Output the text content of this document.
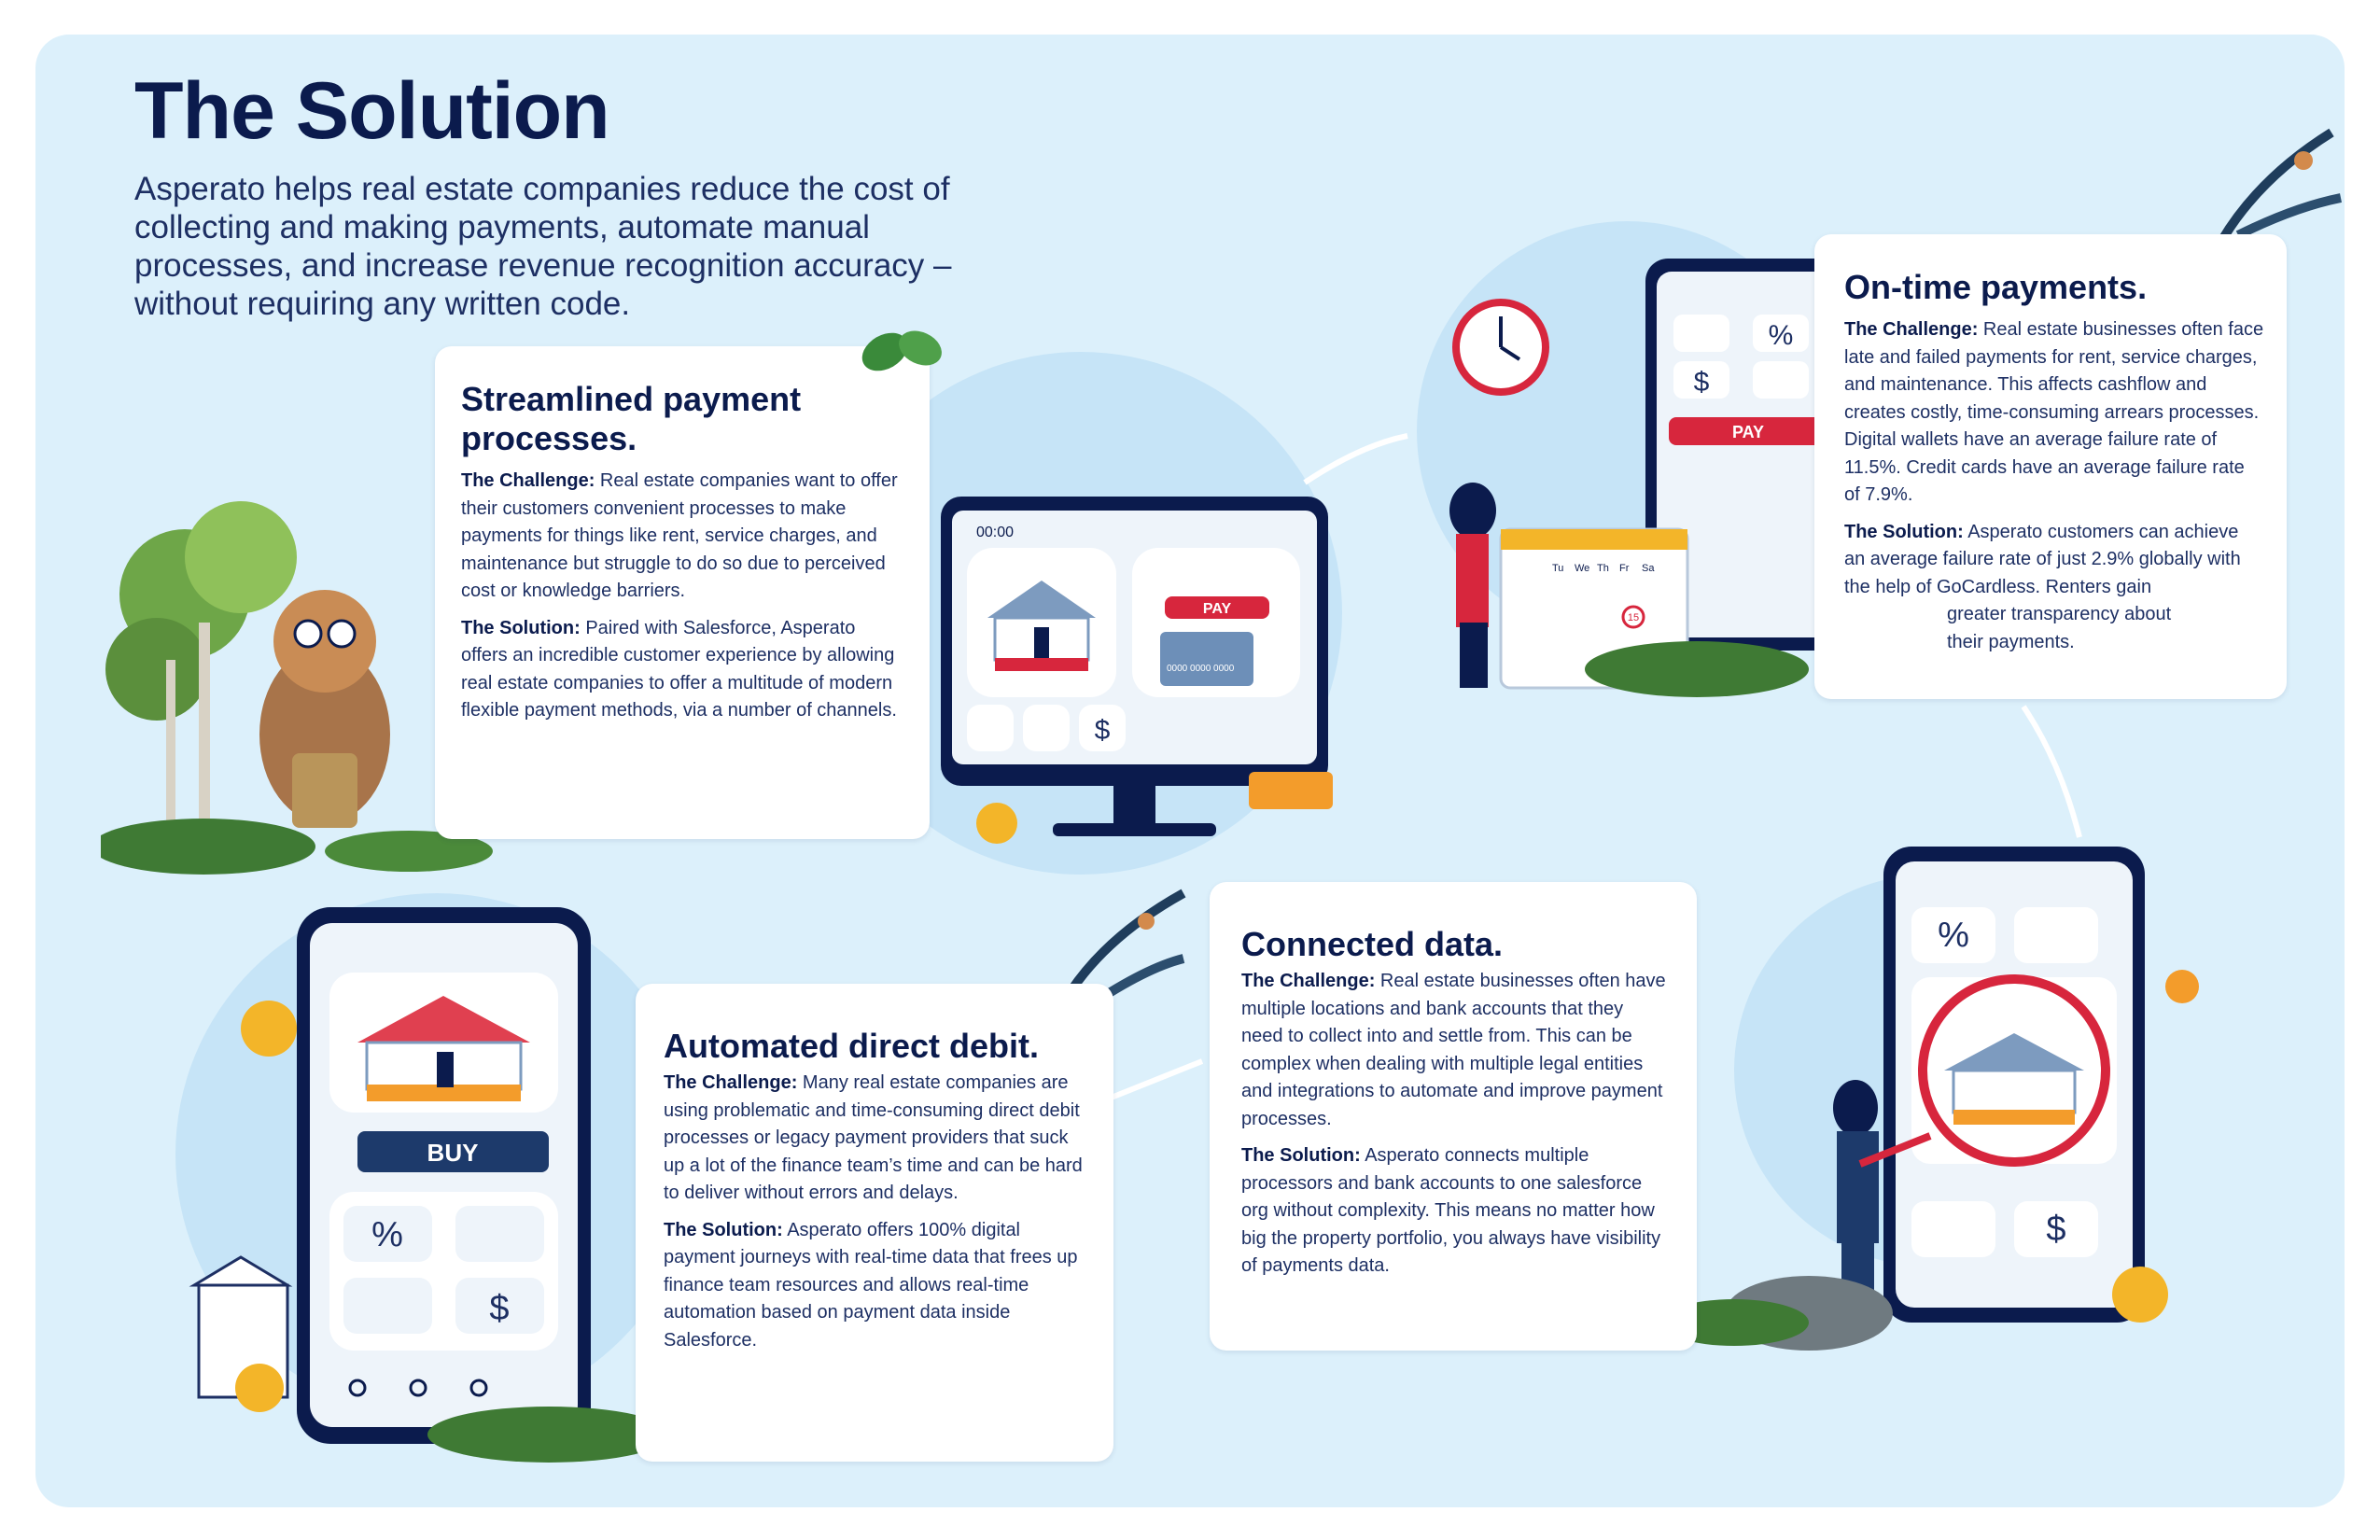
The Solution
Asperato helps real estate companies reduce the cost of collecting and making payments, automate manual processes, and increase revenue recognition accuracy – without requiring any written code.
00:00
PAY
0000 0000 0000
$
Streamlined payment processes.

The Challenge: Real estate companies want to offer their customers convenient processes to make payments for things like rent, service charges, and maintenance but struggle to do so due to perceived cost or knowledge barriers.

The Solution: Paired with Salesforce, Asperato offers an incredible customer experience by allowing real estate companies to offer a multitude of modern flexible payment methods, via a number of channels.

%
$
PAY
Tu We Th Fr Sa
15
On-time payments.

The Challenge: Real estate businesses often face late and failed payments for rent, service charges, and maintenance. This affects cashflow and creates costly, time-consuming arrears processes. Digital wallets have an average failure rate of 11.5%. Credit cards have an average failure rate of 7.9%.

The Solution: Asperato customers can achieve an average failure rate of just 2.9% globally with the help of GoCardless. Renters gain

greater transparency about their payments.

BUY
%
$
Automated direct debit.

The Challenge: Many real estate companies are using problematic and time-consuming direct debit processes or legacy payment providers that suck up a lot of the finance team’s time and can be hard to deliver without errors and delays.

The Solution: Asperato offers 100% digital payment journeys with real-time data that frees up finance team resources and allows real-time automation based on payment data inside Salesforce.

%
$
Connected data.

The Challenge: Real estate businesses often have multiple locations and bank accounts that they need to collect into and settle from. This can be complex when dealing with multiple legal entities and integrations to automate and improve payment processes.

The Solution: Asperato connects multiple processors and bank accounts to one salesforce org without complexity. This means no matter how big the property portfolio, you always have visibility of payments data.
